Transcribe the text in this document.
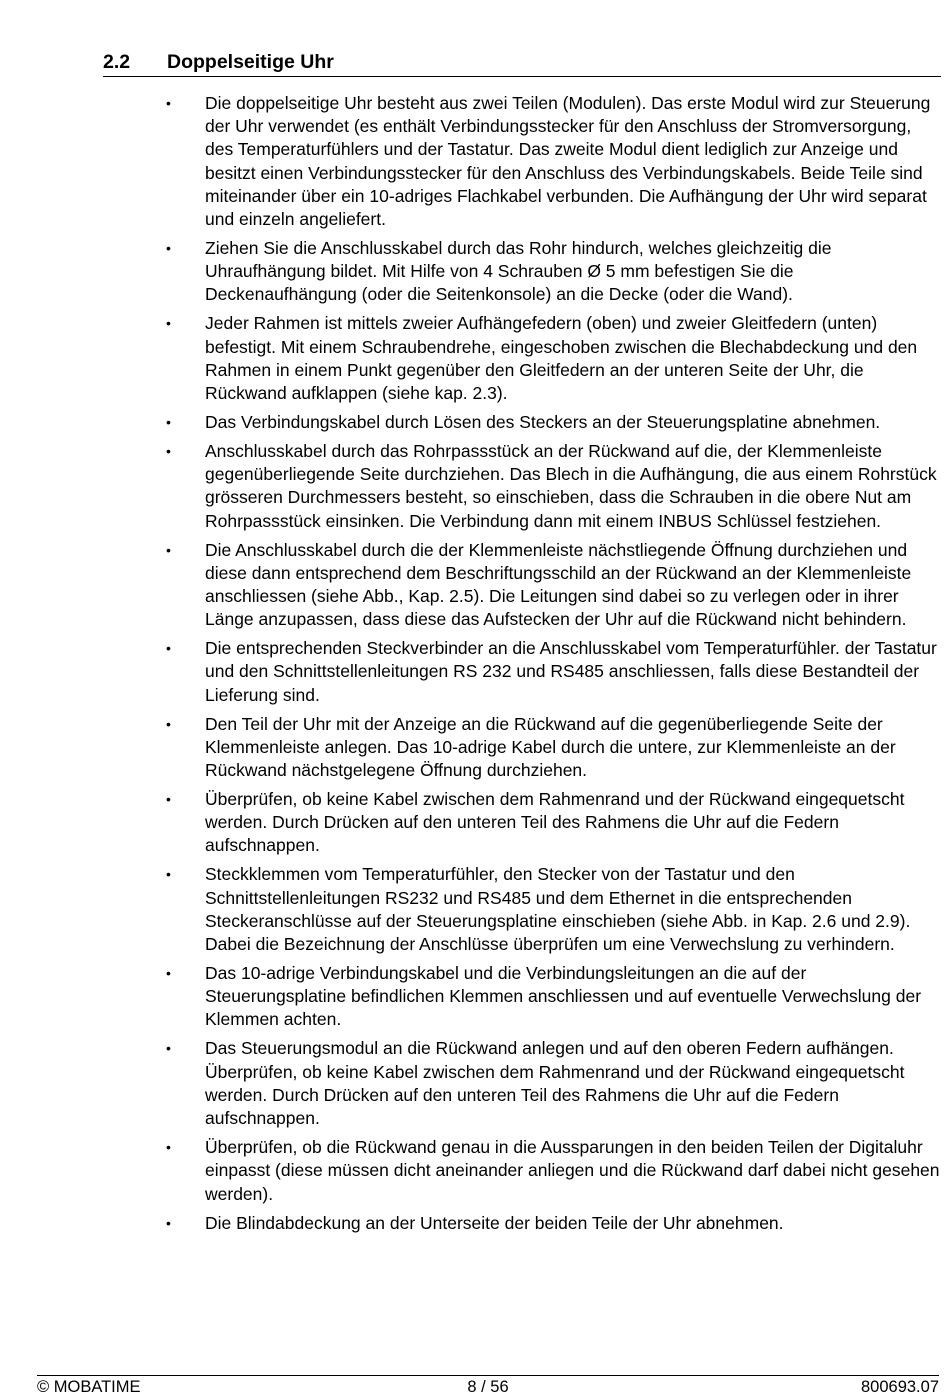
2.2 Doppelseitige Uhr
• Die doppelseitige Uhr besteht aus zwei Teilen (Modulen). Das erste Modul wird zur Steuerung der Uhr verwendet (es enthält Verbindungsstecker für den Anschluss der Stromversorgung, des Temperaturfühlers und der Tastatur. Das zweite Modul dient lediglich zur Anzeige und besitzt einen Verbindungsstecker für den Anschluss des Verbindungskabels. Beide Teile sind miteinander über ein 10-adriges Flachkabel verbunden. Die Aufhängung der Uhr wird separat und einzeln angeliefert.
• Ziehen Sie die Anschlusskabel durch das Rohr hindurch, welches gleichzeitig die Uhraufhängung bildet. Mit Hilfe von 4 Schrauben Ø 5 mm befestigen Sie die Deckenaufhängung (oder die Seitenkonsole) an die Decke (oder die Wand).
• Jeder Rahmen ist mittels zweier Aufhängefedern (oben) und zweier Gleitfedern (unten) befestigt. Mit einem Schraubendrehe, eingeschoben zwischen die Blechabdeckung und den Rahmen in einem Punkt gegenüber den Gleitfedern an der unteren Seite der Uhr, die Rückwand aufklappen (siehe kap. 2.3).
• Das Verbindungskabel durch Lösen des Steckers an der Steuerungsplatine abnehmen.
• Anschlusskabel durch das Rohrpassstück an der Rückwand auf die, der Klemmenleiste gegenüberliegende Seite durchziehen. Das Blech in die Aufhängung, die aus einem Rohrstück grösseren Durchmessers besteht, so einschieben, dass die Schrauben in die obere Nut am Rohrpassstück einsinken. Die Verbindung dann mit einem INBUS Schlüssel festziehen.
• Die Anschlusskabel durch die der Klemmenleiste nächstliegende Öffnung durchziehen und diese dann entsprechend dem Beschriftungsschild an der Rückwand an der Klemmenleiste anschliessen (siehe Abb., Kap. 2.5). Die Leitungen sind dabei so zu verlegen oder in ihrer Länge anzupassen, dass diese das Aufstecken der Uhr auf die Rückwand nicht behindern.
• Die entsprechenden Steckverbinder an die Anschlusskabel vom Temperaturfühler. der Tastatur und den Schnittstellenleitungen RS 232 und RS485 anschliessen, falls diese Bestandteil der Lieferung sind.
• Den Teil der Uhr mit der Anzeige an die Rückwand auf die gegenüberliegende Seite der Klemmenleiste anlegen. Das 10-adrige Kabel durch die untere, zur Klemmenleiste an der Rückwand nächstgelegene Öffnung durchziehen.
• Überprüfen, ob keine Kabel zwischen dem Rahmenrand und der Rückwand eingequetscht werden. Durch Drücken auf den unteren Teil des Rahmens die Uhr auf die Federn aufschnappen.
• Steckklemmen vom Temperaturfühler, den Stecker von der Tastatur und den Schnittstellenleitungen RS232 und RS485 und dem Ethernet in die entsprechenden Steckeranschlüsse auf der Steuerungsplatine einschieben (siehe Abb. in Kap. 2.6 und 2.9). Dabei die Bezeichnung der Anschlüsse überprüfen um eine Verwechslung zu verhindern.
• Das 10-adrige Verbindungskabel und die Verbindungsleitungen an die auf der Steuerungsplatine befindlichen Klemmen anschliessen und auf eventuelle Verwechslung der Klemmen achten.
• Das Steuerungsmodul an die Rückwand anlegen und auf den oberen Federn aufhängen. Überprüfen, ob keine Kabel zwischen dem Rahmenrand und der Rückwand eingequetscht werden. Durch Drücken auf den unteren Teil des Rahmens die Uhr auf die Federn aufschnappen.
• Überprüfen, ob die Rückwand genau in die Aussparungen in den beiden Teilen der Digitaluhr einpasst (diese müssen dicht aneinander anliegen und die Rückwand darf dabei nicht gesehen werden).
• Die Blindabdeckung an der Unterseite der beiden Teile der Uhr abnehmen.
© MOBATIME	8 / 56	800693.07
